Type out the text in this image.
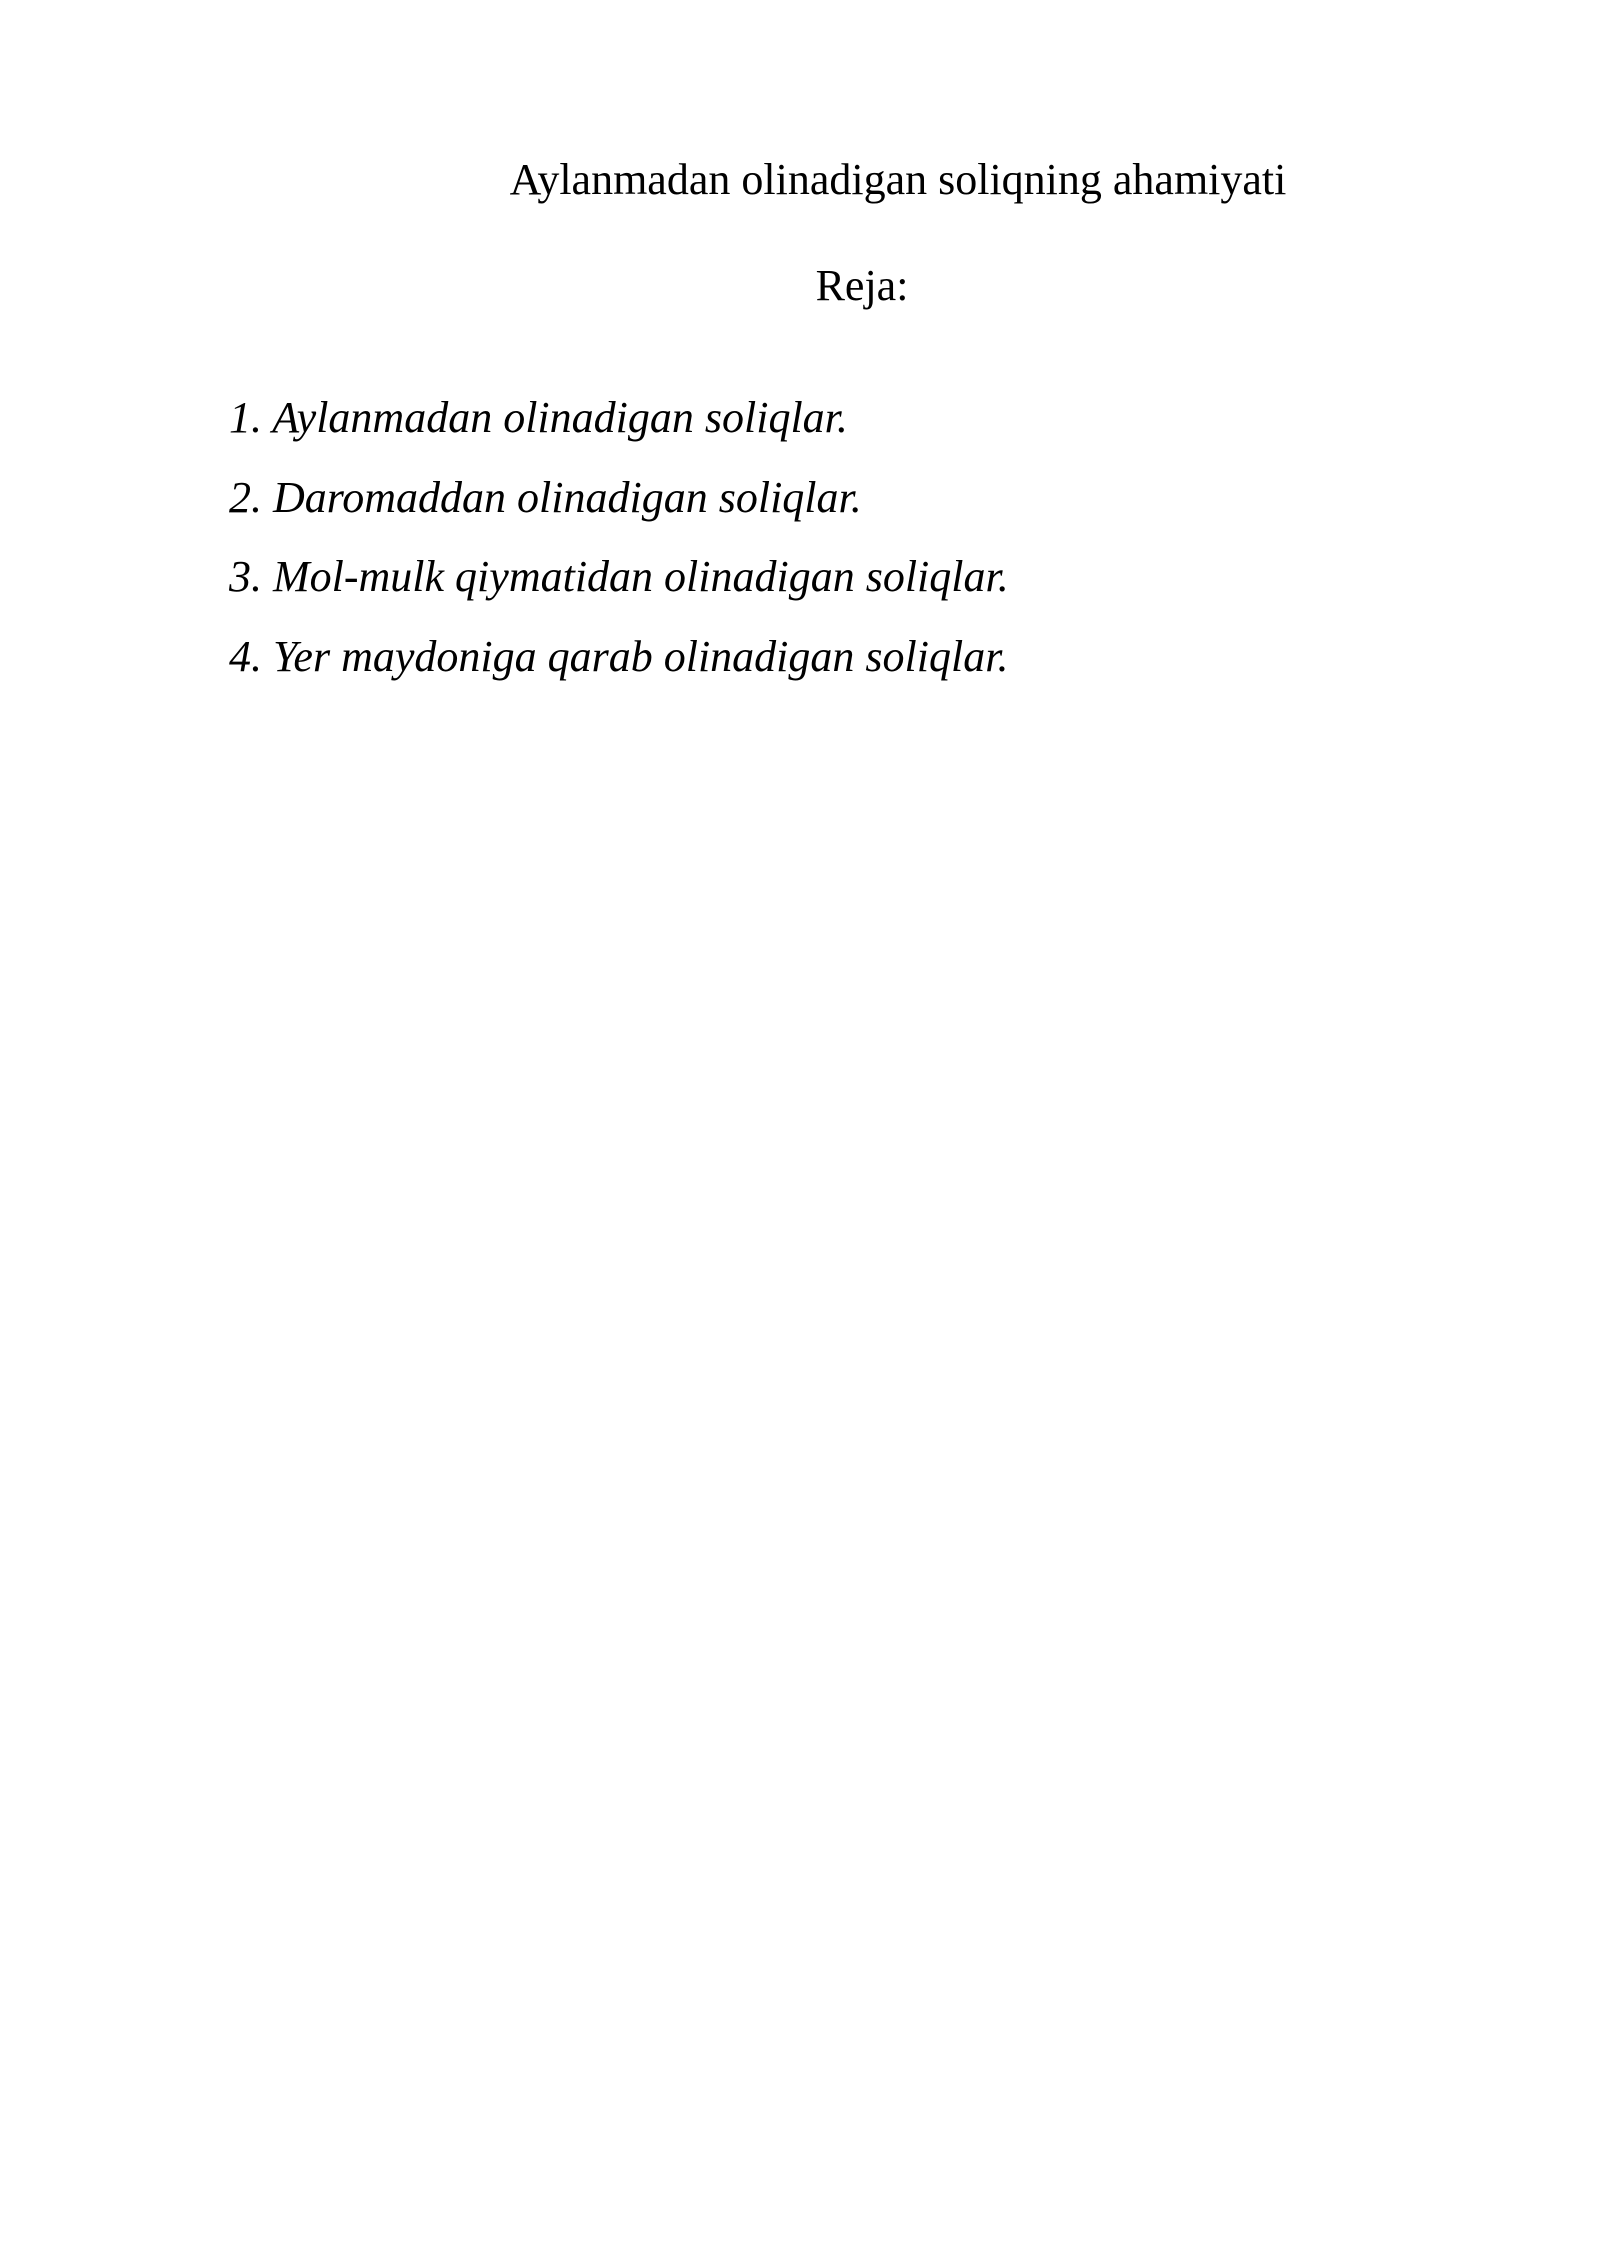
Aylanmadan olinadigan soliqning ahamiyati
Reja:
1. Aylanmadan olinadigan soliqlar.
2. Daromaddan olinadigan soliqlar.
3. Mol-mulk qiymatidan olinadigan soliqlar.
4. Yer maydoniga qarab olinadigan soliqlar.
